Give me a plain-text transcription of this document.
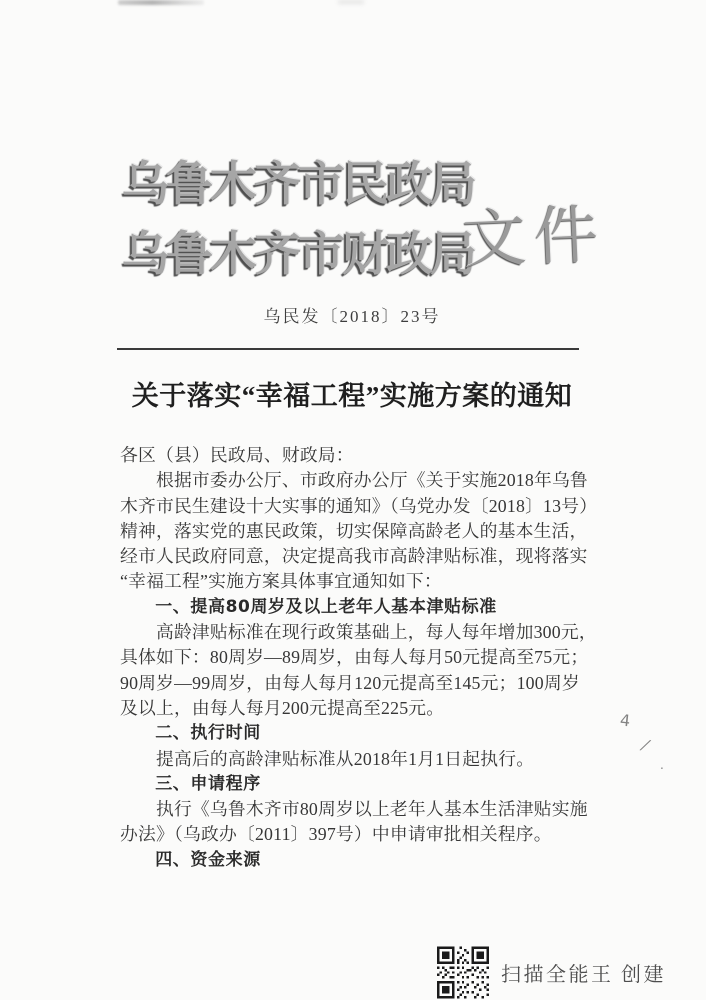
乌鲁木齐市民政局
乌鲁木齐市财政局
文件
乌民发〔2018〕23号
关于落实“幸福工程”实施方案的通知
各区（县）民政局、财政局：
　　根据市委办公厅、市政府办公厅《关于实施2018年乌鲁
木齐市民生建设十大实事的通知》（乌党办发〔2018〕13号）
精神，落实党的惠民政策，切实保障高龄老人的基本生活，
经市人民政府同意，决定提高我市高龄津贴标准，现将落实
“幸福工程”实施方案具体事宜通知如下：
　　一、提高80周岁及以上老年人基本津贴标准
　　高龄津贴标准在现行政策基础上，每人每年增加300元，
具体如下：80周岁—89周岁，由每人每月50元提高至75元；
90周岁—99周岁，由每人每月120元提高至145元；100周岁
及以上，由每人每月200元提高至225元。
　　二、执行时间
　　提高后的高龄津贴标准从2018年1月1日起执行。
　　三、申请程序
　　执行《乌鲁木齐市80周岁以上老年人基本生活津贴实施
办法》（乌政办〔2011〕397号）中申请审批相关程序。
　　四、资金来源
4
/
.
扫描全能王 创建
